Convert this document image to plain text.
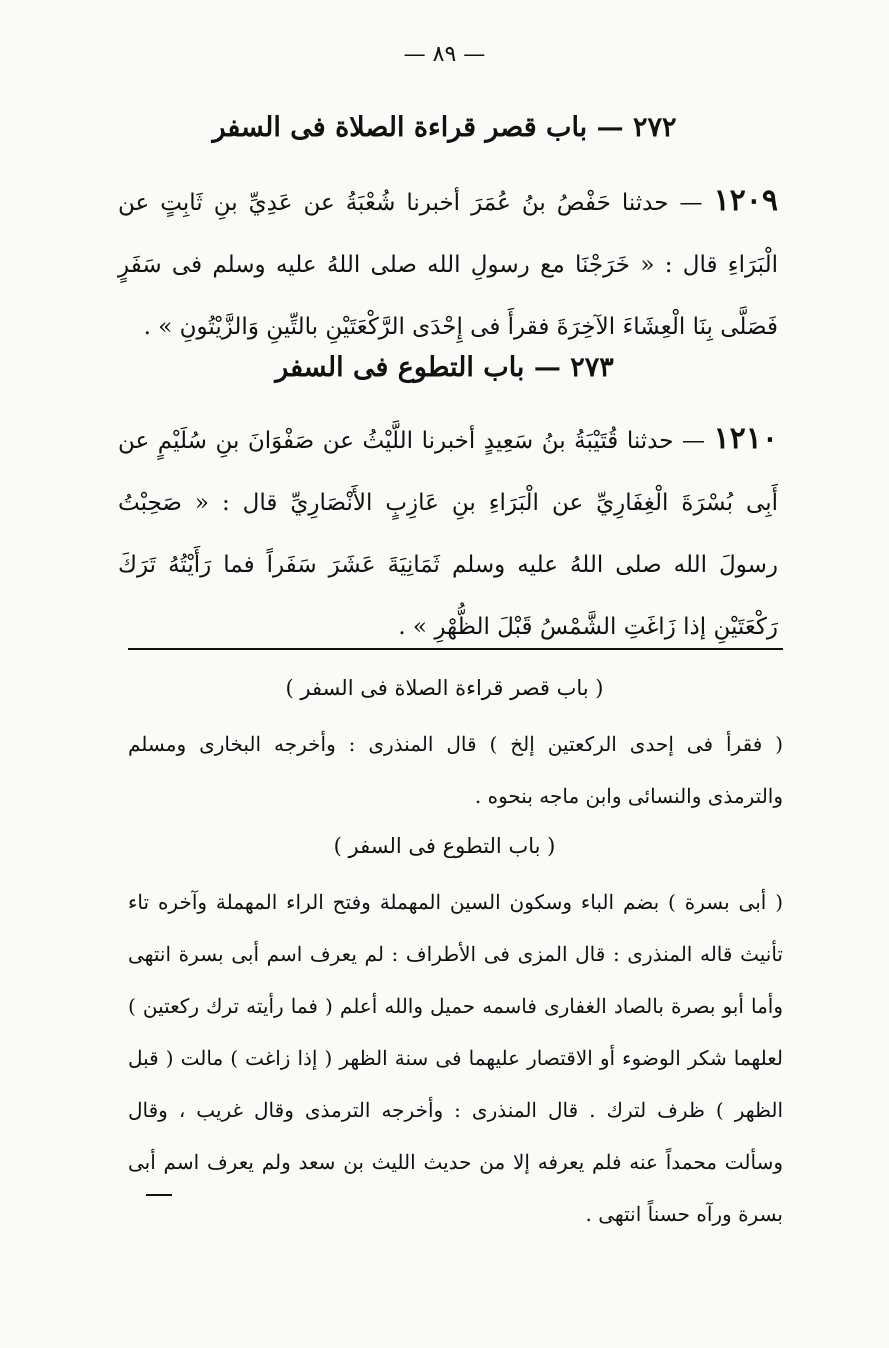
— ٨٩ —
٢٧٢ — باب قصر قراءة الصلاة فى السفر
١٢٠٩ — حدثنا حَفْصُ بنُ عُمَرَ أخبرنا شُعْبَةُ عن عَدِيِّ بنِ ثَابِتٍ عن الْبَرَاءِ قال : « خَرَجْنَا مع رسولِ الله صلى اللهُ عليه وسلم فى سَفَرٍ فَصَلَّى بِنَا الْعِشَاءَ الآخِرَةَ فقرأَ فى إِحْدَى الرَّكْعَتَيْنِ بالتِّينِ وَالزَّيْتُونِ » .
٢٧٣ — باب التطوع فى السفر
١٢١٠ — حدثنا قُتَيْبَةُ بنُ سَعِيدٍ أخبرنا اللَّيْثُ عن صَفْوَانَ بنِ سُلَيْمٍ عن أَبِى بُسْرَةَ الْغِفَارِيِّ عن الْبَرَاءِ بنِ عَازِبٍ الأَنْصَارِيِّ قال : « صَحِبْتُ رسولَ الله صلى اللهُ عليه وسلم ثَمَانِيَةَ عَشَرَ سَفَراً فما رَأَيْتُهُ تَرَكَ رَكْعَتَيْنِ إذا زَاغَتِ الشَّمْسُ قَبْلَ الظُّهْرِ » .
( باب قصر قراءة الصلاة فى السفر )
( فقرأ فى إحدى الركعتين إلخ ) قال المنذرى : وأخرجه البخارى ومسلم والترمذى والنسائى وابن ماجه بنحوه .
( باب التطوع فى السفر )
( أبى بسرة ) بضم الباء وسكون السين المهملة وفتح الراء المهملة وآخره تاء تأنيث قاله المنذرى : قال المزى فى الأطراف : لم يعرف اسم أبى بسرة انتهى وأما أبو بصرة بالصاد الغفارى فاسمه حميل والله أعلم ( فما رأيته ترك ركعتين ) لعلهما شكر الوضوء أو الاقتصار عليهما فى سنة الظهر ( إذا زاغت ) مالت ( قبل الظهر ) ظرف لترك . قال المنذرى : وأخرجه الترمذى وقال غريب ، وقال وسألت محمداً عنه فلم يعرفه إلا من حديث الليث بن سعد ولم يعرف اسم أبى بسرة ورآه حسناً انتهى .
